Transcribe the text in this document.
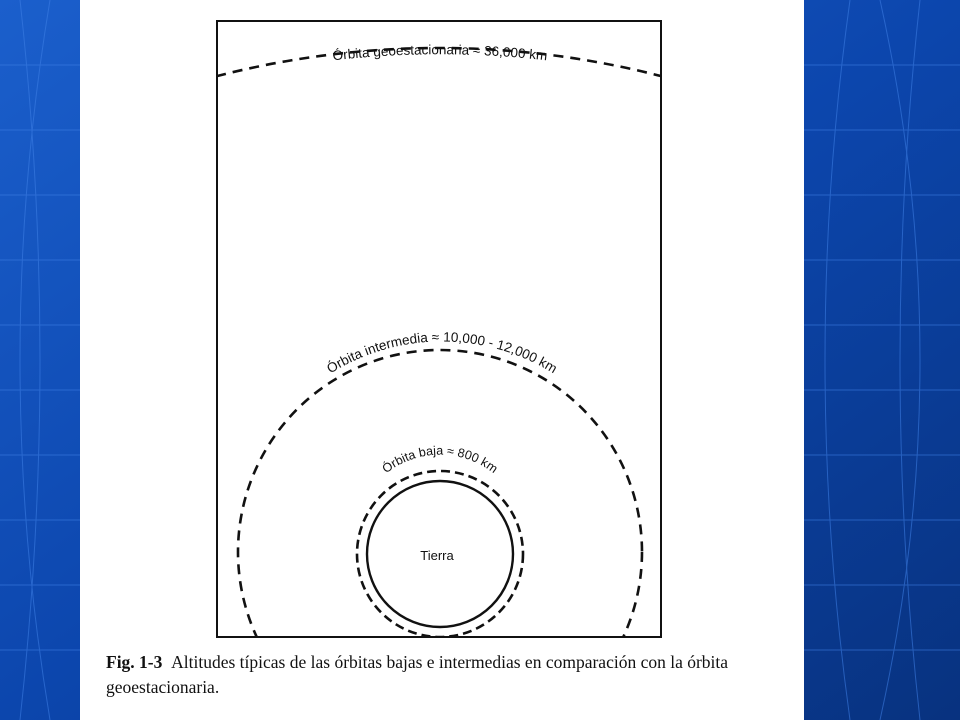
Órbita geoestacionaria ≈ 36,000 km
Órbita intermedia ≈ 10,000 - 12,000 km
Órbita baja ≈ 800 km
Tierra
Fig. 1-3 Altitudes típicas de las órbitas bajas e intermedias en comparación con la órbita geoestacionaria.
